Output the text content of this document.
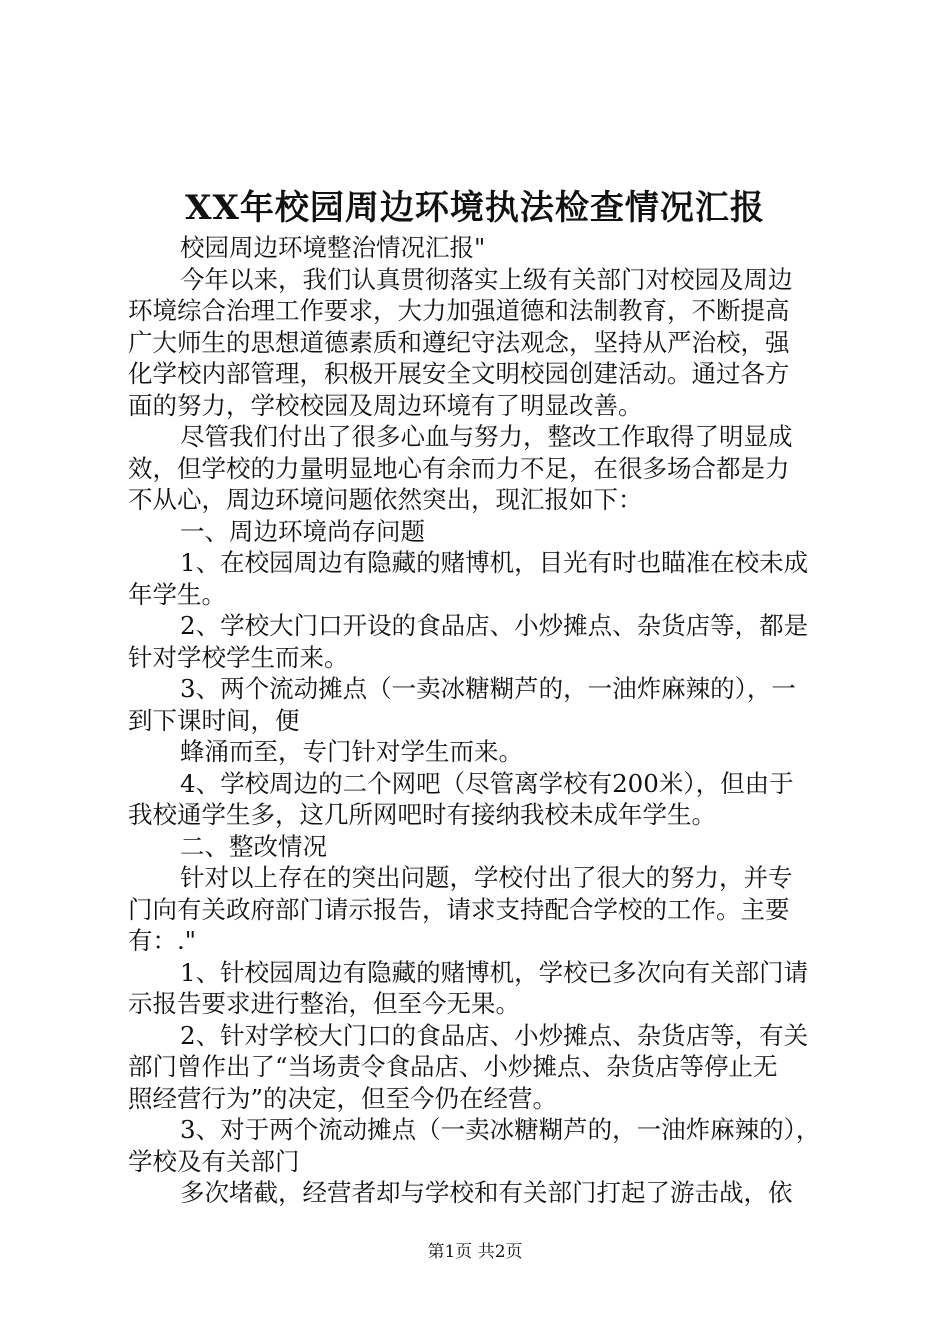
XX年校园周边环境执法检查情况汇报
校园周边环境整治情况汇报"
今年以来，我们认真贯彻落实上级有关部门对校园及周边
环境综合治理工作要求，大力加强道德和法制教育，不断提高
广大师生的思想道德素质和遵纪守法观念，坚持从严治校，强
化学校内部管理，积极开展安全文明校园创建活动。通过各方
面的努力，学校校园及周边环境有了明显改善。
尽管我们付出了很多心血与努力，整改工作取得了明显成
效，但学校的力量明显地心有余而力不足，在很多场合都是力
不从心，周边环境问题依然突出，现汇报如下：
一、周边环境尚存问题
1、在校园周边有隐藏的赌博机，目光有时也瞄准在校未成
年学生。
2、学校大门口开设的食品店、小炒摊点、杂货店等，都是
针对学校学生而来。
3、两个流动摊点（一卖冰糖糊芦的，一油炸麻辣的），一
到下课时间，便
蜂涌而至，专门针对学生而来。
4、学校周边的二个网吧（尽管离学校有200米），但由于
我校通学生多，这几所网吧时有接纳我校未成年学生。
二、整改情况
针对以上存在的突出问题，学校付出了很大的努力，并专
门向有关政府部门请示报告，请求支持配合学校的工作。主要
有：."
1、针校园周边有隐藏的赌博机，学校已多次向有关部门请
示报告要求进行整治，但至今无果。
2、针对学校大门口的食品店、小炒摊点、杂货店等，有关
部门曾作出了“当场责令食品店、小炒摊点、杂货店等停止无
照经营行为”的决定，但至今仍在经营。
3、对于两个流动摊点（一卖冰糖糊芦的，一油炸麻辣的），
学校及有关部门
多次堵截，经营者却与学校和有关部门打起了游击战，依
第1页 共2页
